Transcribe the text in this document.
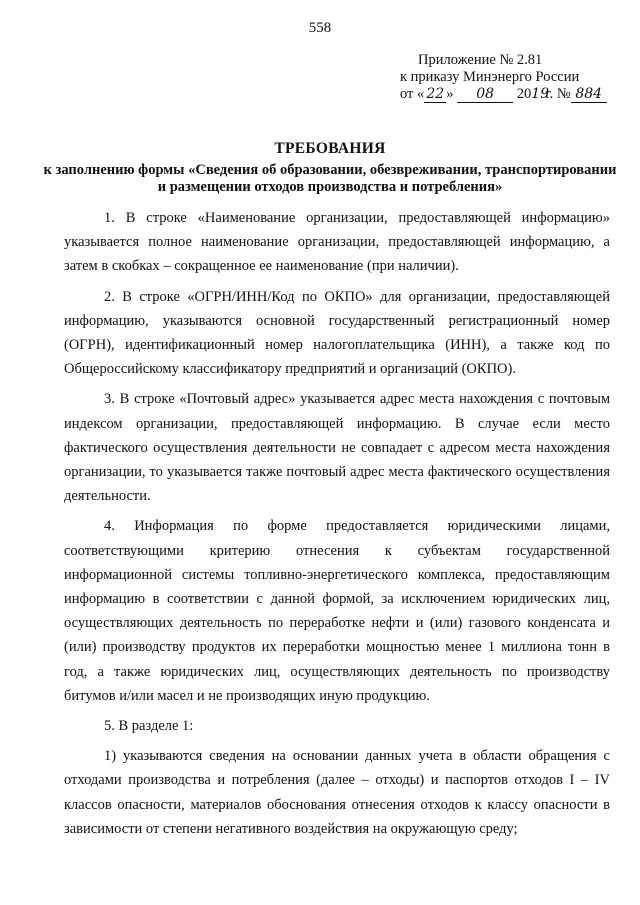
558
Приложение № 2.81
к приказу Минэнерго России
от « 22 » 08 2019г. № 884
ТРЕБОВАНИЯ
к заполнению формы «Сведения об образовании, обезвреживании, транспортировании и размещении отходов производства и потребления»

1. В строке «Наименование организации, предоставляющей информацию» указывается полное наименование организации, предоставляющей информацию, а затем в скобках – сокращенное ее наименование (при наличии).

2. В строке «ОГРН/ИНН/Код по ОКПО» для организации, предоставляющей информацию, указываются основной государственный регистрационный номер (ОГРН), идентификационный номер налогоплательщика (ИНН), а также код по Общероссийскому классификатору предприятий и организаций (ОКПО).

3. В строке «Почтовый адрес» указывается адрес места нахождения с почтовым индексом организации, предоставляющей информацию. В случае если место фактического осуществления деятельности не совпадает с адресом места нахождения организации, то указывается также почтовый адрес места фактического осуществления деятельности.

4. Информация по форме предоставляется юридическими лицами, соответствующими критерию отнесения к субъектам государственной информационной системы топливно-энергетического комплекса, предоставляющим информацию в соответствии с данной формой, за исключением юридических лиц, осуществляющих деятельность по переработке нефти и (или) газового конденсата и (или) производству продуктов их переработки мощностью менее 1 миллиона тонн в год, а также юридических лиц, осуществляющих деятельность по производству битумов и/или масел и не производящих иную продукцию.

5. В разделе 1:

1) указываются сведения на основании данных учета в области обращения с отходами производства и потребления (далее – отходы) и паспортов отходов I – IV классов опасности, материалов обоснования отнесения отходов к классу опасности в зависимости от степени негативного воздействия на окружающую среду;
